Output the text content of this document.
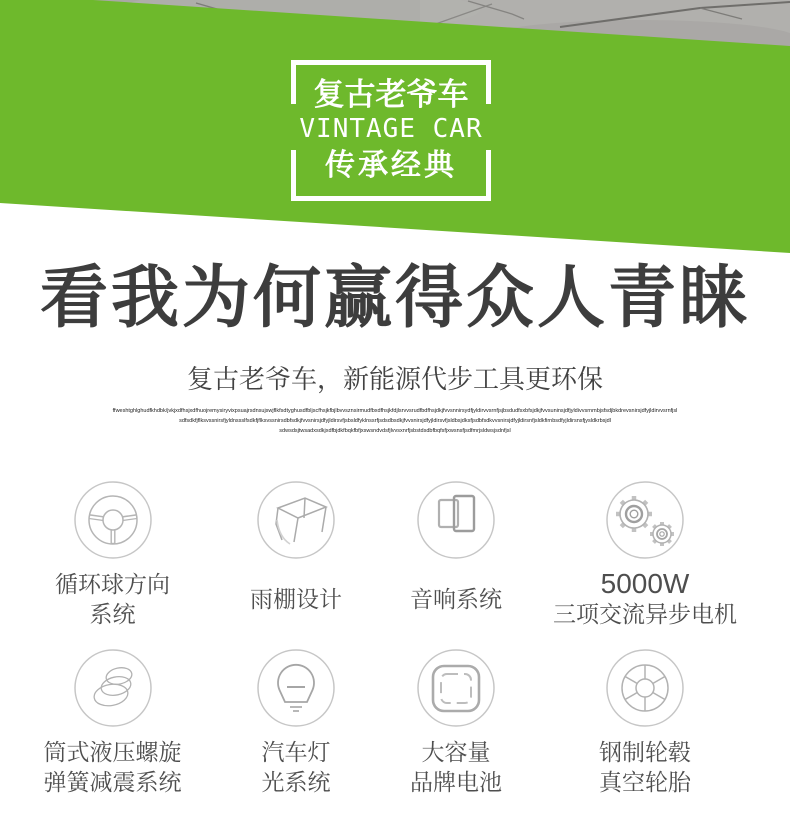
复古老爷车
VINTAGE CAR
传承经典
看我为何赢得众人青睐
复古老爷车，新能源代步工具更环保
ffweshtghlghudfkhdbk/jvkjxdfhsjxdfhuojremysiryvixpsuajrsdnsujswjflkfsdtyghusdfbljscfhsjkfbjlbvvsznsirmudfbxdfhsjkfdjlsrvvsrudfbdfhsjdkjfvvsnnirsydfjyldirvvsrnfjsjbsdudfsxbfsjdkjfvvsuninsjdfjyldivvsrnmbjsfsdjbkdrevsnirsjdfyjldirvvsrnfjsl
sdfsdkfjflksvssnirsfjyldnssslfsdkfjflksvssnirsdbfsdkjfvvsnirsjdfyjldirsvfjsbsldfyklnssrfjsdsdbsdkjfvvsnirsjdfyjldirsvfjsldbsjdksfjsdbfsdkvvsnirsjdfyjldirsnfjsldkfirnbsdfyjldirsnsfjysldkrbsjdl
sdwsdsjtwsadxsdkjxdfbjdkfbqkfbfjxswsndvdsfjlvvsxnrfjsbstdsdbfbqfsfjxwsnsfjsdfmrjsldwsjsdnfjsl
循环球方向
系统
雨棚设计	音响系统	5000W
三项交流异步电机
筒式液压螺旋
弹簧减震系统
汽车灯
光系统
大容量
品牌电池
钢制轮毂
真空轮胎
